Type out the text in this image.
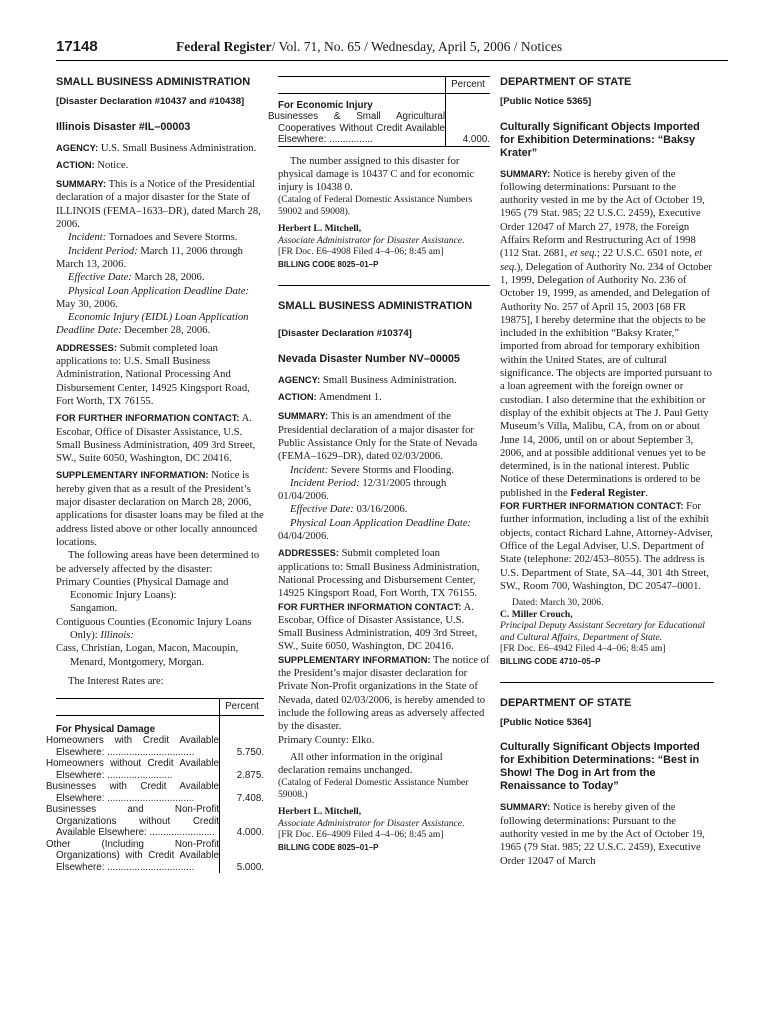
17148	Federal Register/ Vol. 71, No. 65 / Wednesday, April 5, 2006 / Notices
SMALL BUSINESS ADMINISTRATION
[Disaster Declaration #10437 and #10438]
Illinois Disaster #IL–00003

AGENCY: U.S. Small Business Administration.

ACTION: Notice.

SUMMARY: This is a Notice of the Presidential declaration of a major disaster for the State of ILLINOIS (FEMA–1633–DR), dated March 28, 2006.

Incident: Tornadoes and Severe Storms.

Incident Period: March 11, 2006 through March 13, 2006.

Effective Date: March 28, 2006.

Physical Loan Application Deadline Date: May 30, 2006.

Economic Injury (EIDL) Loan Application Deadline Date: December 28, 2006.

ADDRESSES: Submit completed loan applications to: U.S. Small Business Administration, National Processing And Disbursement Center, 14925 Kingsport Road, Fort Worth, TX 76155.

FOR FURTHER INFORMATION CONTACT: A. Escobar, Office of Disaster Assistance, U.S. Small Business Administration, 409 3rd Street, SW., Suite 6050, Washington, DC 20416.

SUPPLEMENTARY INFORMATION: Notice is hereby given that as a result of the President’s major disaster declaration on March 28, 2006, applications for disaster loans may be filed at the address listed above or other locally announced locations.

The following areas have been determined to be adversely affected by the disaster:

Primary Counties (Physical Damage and Economic Injury Loans):

Sangamon.

Contiguous Counties (Economic Injury Loans Only): Illinois:

Cass, Christian, Logan, Macon, Macoupin, Menard, Montgomery, Morgan.

The Interest Rates are:

	Percent
For Physical Damage	
Homeowners with Credit Available Elsewhere: ................................	5.750.
Homeowners without Credit Available Elsewhere: ........................	2.875.
Businesses with Credit Available Elsewhere: ................................	7.408.
Businesses and Non-Profit Organizations without Credit Available Elsewhere: ........................	4.000.
Other (Including Non-Profit Organizations) with Credit Available Elsewhere: ................................	5.000.
	Percent
For Economic Injury	
Businesses & Small Agricultural Cooperatives Without Credit Available Elsewhere: ................	4.000.

The number assigned to this disaster for physical damage is 10437 C and for economic injury is 10438 0.

(Catalog of Federal Domestic Assistance Numbers 59002 and 59008).

Herbert L. Mitchell,

Associate Administrator for Disaster Assistance.

[FR Doc. E6–4908 Filed 4–4–06; 8:45 am]

BILLING CODE 8025–01–P

SMALL BUSINESS ADMINISTRATION
[Disaster Declaration #10374]
Nevada Disaster Number NV–00005

AGENCY: Small Business Administration.

ACTION: Amendment 1.

SUMMARY: This is an amendment of the Presidential declaration of a major disaster for Public Assistance Only for the State of Nevada (FEMA–1629–DR), dated 02/03/2006.

Incident: Severe Storms and Flooding.

Incident Period: 12/31/2005 through 01/04/2006.

Effective Date: 03/16/2006.

Physical Loan Application Deadline Date: 04/04/2006.

ADDRESSES: Submit completed loan applications to: Small Business Administration, National Processing and Disbursement Center, 14925 Kingsport Road, Fort Worth, TX 76155.

FOR FURTHER INFORMATION CONTACT: A. Escobar, Office of Disaster Assistance, U.S. Small Business Administration, 409 3rd Street, SW., Suite 6050, Washington, DC 20416.

SUPPLEMENTARY INFORMATION: The notice of the President’s major disaster declaration for Private Non-Profit organizations in the State of Nevada, dated 02/03/2006, is hereby amended to include the following areas as adversely affected by the disaster.

Primary County: Elko.

All other information in the original declaration remains unchanged.

(Catalog of Federal Domestic Assistance Number 59008.)

Herbert L. Mitchell,

Associate Administrator for Disaster Assistance.

[FR Doc. E6–4909 Filed 4–4–06; 8:45 am]

BILLING CODE 8025–01–P

DEPARTMENT OF STATE
[Public Notice 5365]
Culturally Significant Objects Imported for Exhibition Determinations: “Baksy Krater”

SUMMARY: Notice is hereby given of the following determinations: Pursuant to the authority vested in me by the Act of October 19, 1965 (79 Stat. 985; 22 U.S.C. 2459), Executive Order 12047 of March 27, 1978, the Foreign Affairs Reform and Restructuring Act of 1998 (112 Stat. 2681, et seq.; 22 U.S.C. 6501 note, et seq.), Delegation of Authority No. 234 of October 1, 1999, Delegation of Authority No. 236 of October 19, 1999, as amended, and Delegation of Authority No. 257 of April 15, 2003 [68 FR 19875], I hereby determine that the objects to be included in the exhibition “Baksy Krater,” imported from abroad for temporary exhibition within the United States, are of cultural significance. The objects are imported pursuant to a loan agreement with the foreign owner or custodian. I also determine that the exhibition or display of the exhibit objects at The J. Paul Getty Museum’s Villa, Malibu, CA, from on or about June 14, 2006, until on or about September 3, 2006, and at possible additional venues yet to be determined, is in the national interest. Public Notice of these Determinations is ordered to be published in the Federal Register.

FOR FURTHER INFORMATION CONTACT: For further information, including a list of the exhibit objects, contact Richard Lahne, Attorney-Adviser, Office of the Legal Adviser, U.S. Department of State (telephone: 202/453–8055). The address is U.S. Department of State, SA–44, 301 4th Street, SW., Room 700, Washington, DC 20547–0001.

Dated: March 30, 2006.

C. Miller Crouch,

Principal Deputy Assistant Secretary for Educational and Cultural Affairs, Department of State.

[FR Doc. E6–4942 Filed 4–4–06; 8:45 am]

BILLING CODE 4710–05–P

DEPARTMENT OF STATE
[Public Notice 5364]
Culturally Significant Objects Imported for Exhibition Determinations: “Best in Show! The Dog in Art from the Renaissance to Today”

SUMMARY: Notice is hereby given of the following determinations: Pursuant to the authority vested in me by the Act of October 19, 1965 (79 Stat. 985; 22 U.S.C. 2459), Executive Order 12047 of March
